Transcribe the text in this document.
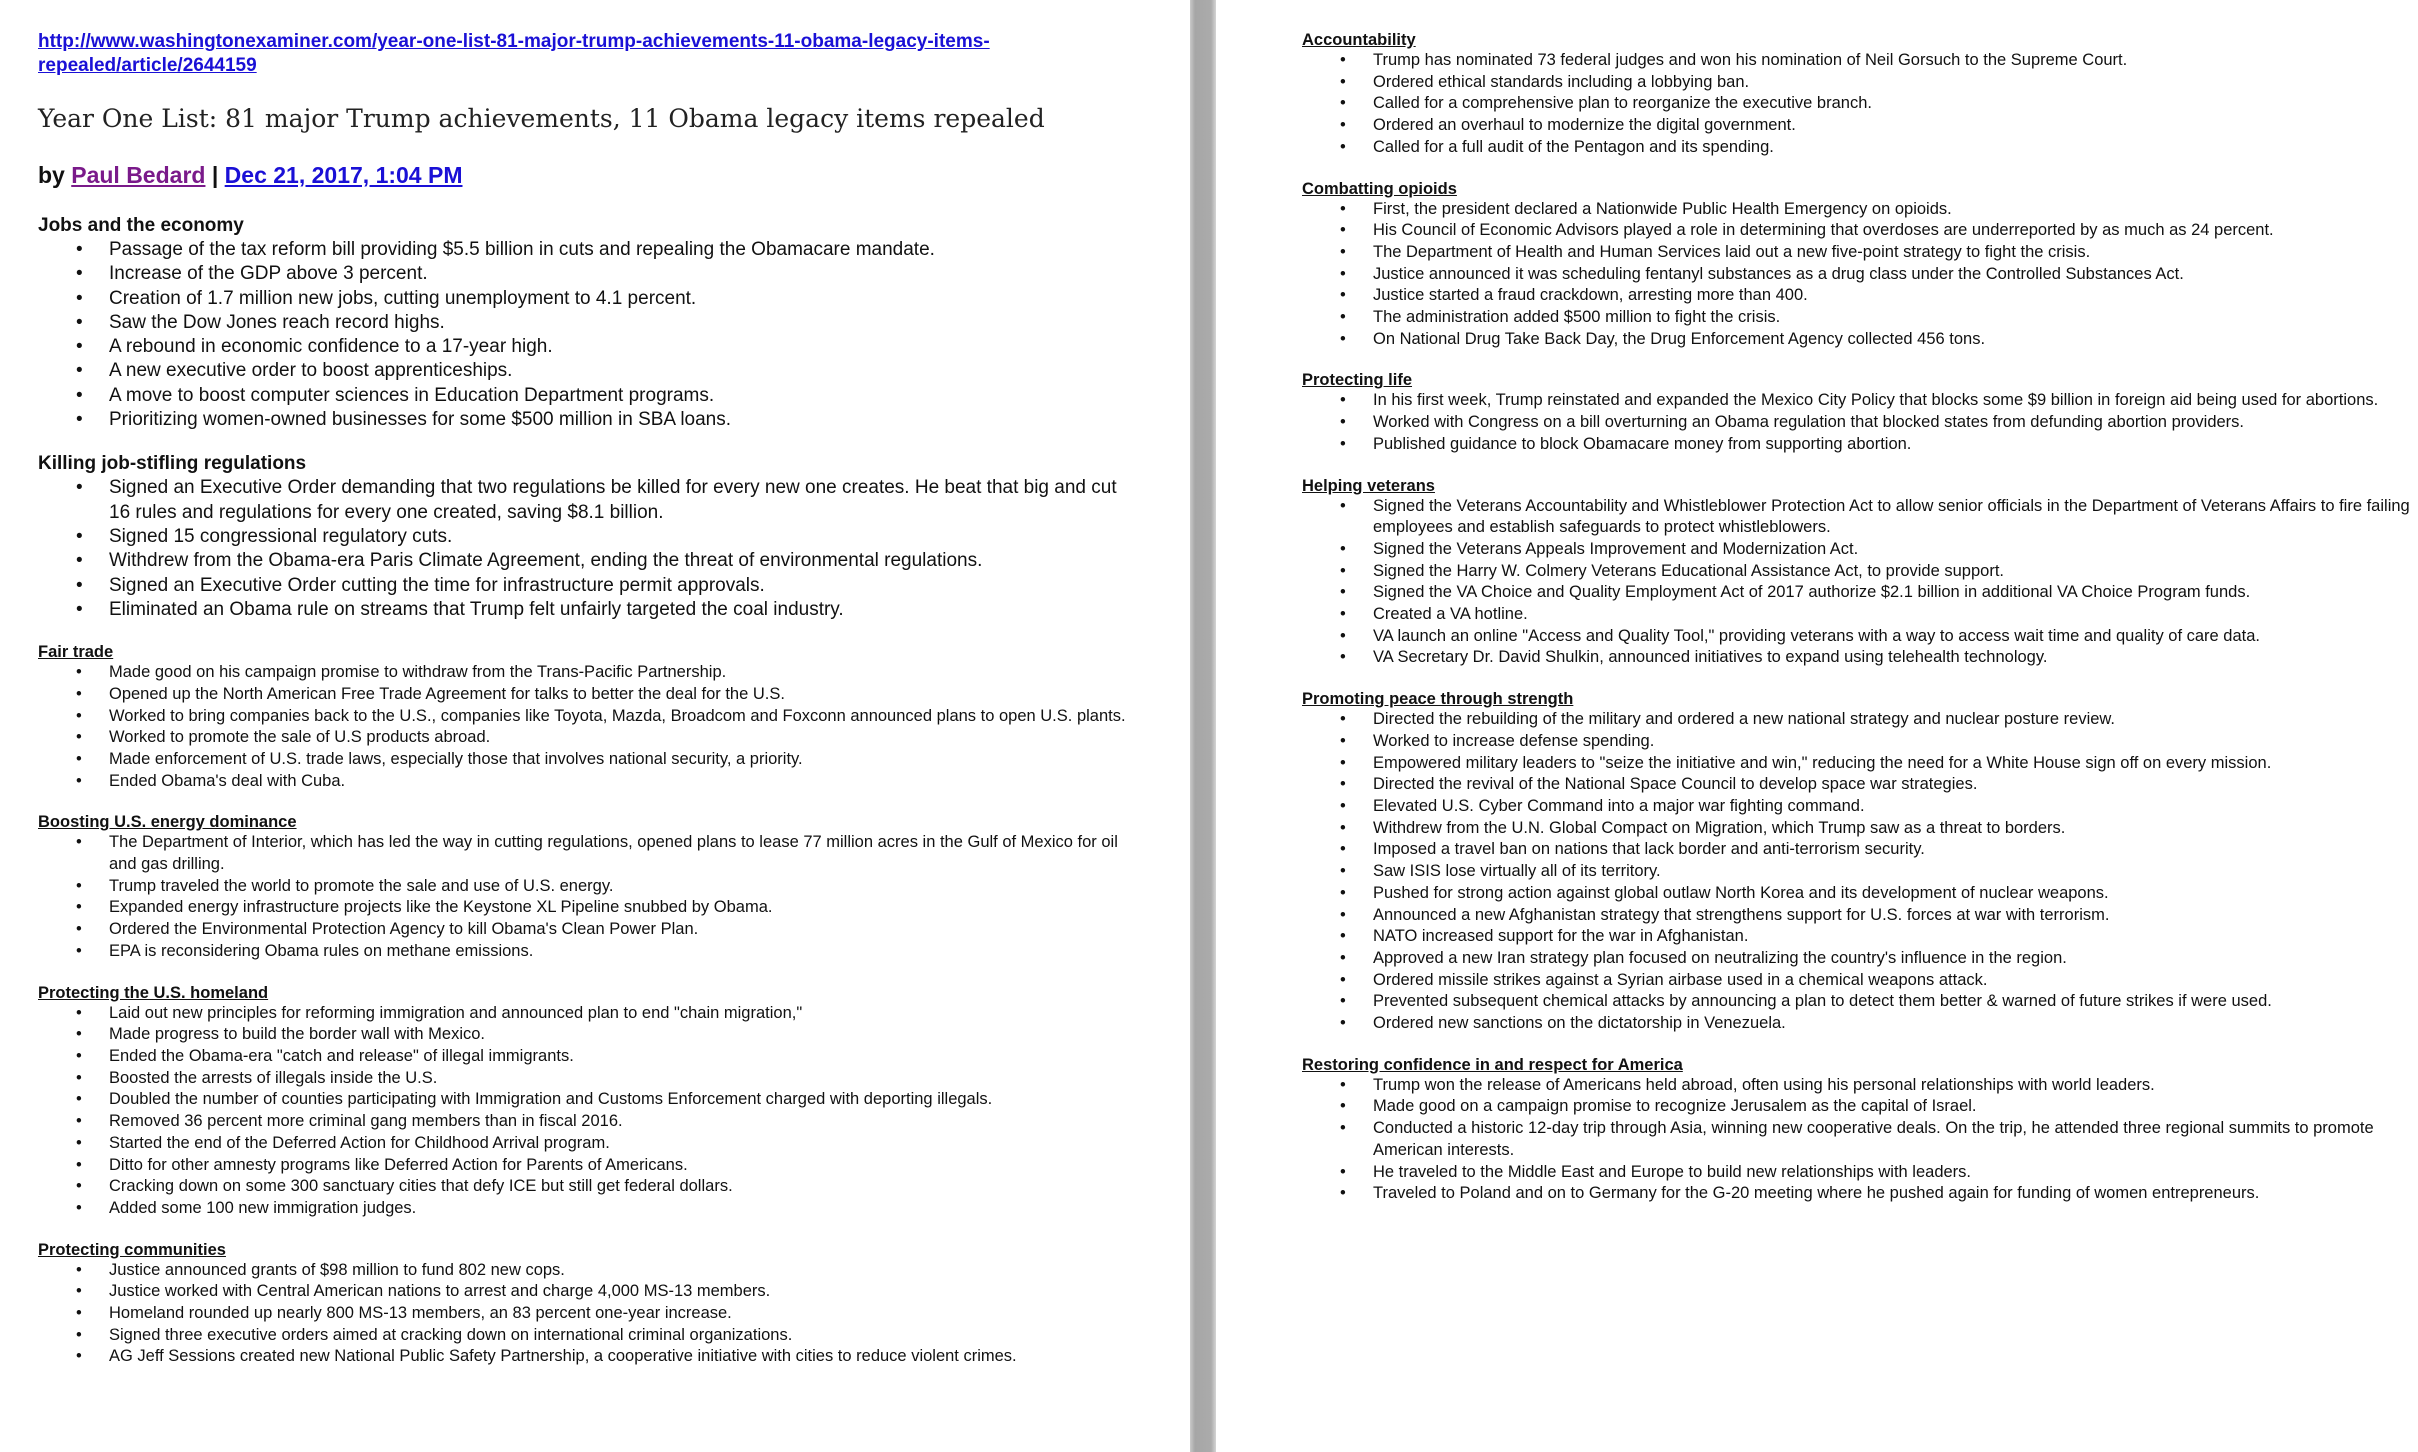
http://www.washingtonexaminer.com/year-one-list-81-major-trump-achievements-11-obama-legacy-items-
repealed/article/2644159
Year One List: 81 major Trump achievements, 11 Obama legacy items repealed
by Paul Bedard | Dec 21, 2017, 1:04 PM
Jobs and the economy
• Passage of the tax reform bill providing $5.5 billion in cuts and repealing the Obamacare mandate.
• Increase of the GDP above 3 percent.
• Creation of 1.7 million new jobs, cutting unemployment to 4.1 percent.
• Saw the Dow Jones reach record highs.
• A rebound in economic confidence to a 17-year high.
• A new executive order to boost apprenticeships.
• A move to boost computer sciences in Education Department programs.
• Prioritizing women-owned businesses for some $500 million in SBA loans.
Killing job-stifling regulations
• Signed an Executive Order demanding that two regulations be killed for every new one creates. He beat that big and cut 16 rules and regulations for every one created, saving $8.1 billion.
• Signed 15 congressional regulatory cuts.
• Withdrew from the Obama-era Paris Climate Agreement, ending the threat of environmental regulations.
• Signed an Executive Order cutting the time for infrastructure permit approvals.
• Eliminated an Obama rule on streams that Trump felt unfairly targeted the coal industry.
Fair trade
• Made good on his campaign promise to withdraw from the Trans-Pacific Partnership.
• Opened up the North American Free Trade Agreement for talks to better the deal for the U.S.
• Worked to bring companies back to the U.S., companies like Toyota, Mazda, Broadcom and Foxconn announced plans to open U.S. plants.
• Worked to promote the sale of U.S products abroad.
• Made enforcement of U.S. trade laws, especially those that involves national security, a priority.
• Ended Obama's deal with Cuba.
Boosting U.S. energy dominance
• The Department of Interior, which has led the way in cutting regulations, opened plans to lease 77 million acres in the Gulf of Mexico for oil and gas drilling.
• Trump traveled the world to promote the sale and use of U.S. energy.
• Expanded energy infrastructure projects like the Keystone XL Pipeline snubbed by Obama.
• Ordered the Environmental Protection Agency to kill Obama's Clean Power Plan.
• EPA is reconsidering Obama rules on methane emissions.
Protecting the U.S. homeland
• Laid out new principles for reforming immigration and announced plan to end "chain migration,"
• Made progress to build the border wall with Mexico.
• Ended the Obama-era "catch and release" of illegal immigrants.
• Boosted the arrests of illegals inside the U.S.
• Doubled the number of counties participating with Immigration and Customs Enforcement charged with deporting illegals.
• Removed 36 percent more criminal gang members than in fiscal 2016.
• Started the end of the Deferred Action for Childhood Arrival program.
• Ditto for other amnesty programs like Deferred Action for Parents of Americans.
• Cracking down on some 300 sanctuary cities that defy ICE but still get federal dollars.
• Added some 100 new immigration judges.
Protecting communities
• Justice announced grants of $98 million to fund 802 new cops.
• Justice worked with Central American nations to arrest and charge 4,000 MS-13 members.
• Homeland rounded up nearly 800 MS-13 members, an 83 percent one-year increase.
• Signed three executive orders aimed at cracking down on international criminal organizations.
• AG Jeff Sessions created new National Public Safety Partnership, a cooperative initiative with cities to reduce violent crimes.
Accountability
• Trump has nominated 73 federal judges and won his nomination of Neil Gorsuch to the Supreme Court.
• Ordered ethical standards including a lobbying ban.
• Called for a comprehensive plan to reorganize the executive branch.
• Ordered an overhaul to modernize the digital government.
• Called for a full audit of the Pentagon and its spending.
Combatting opioids
• First, the president declared a Nationwide Public Health Emergency on opioids.
• His Council of Economic Advisors played a role in determining that overdoses are underreported by as much as 24 percent.
• The Department of Health and Human Services laid out a new five-point strategy to fight the crisis.
• Justice announced it was scheduling fentanyl substances as a drug class under the Controlled Substances Act.
• Justice started a fraud crackdown, arresting more than 400.
• The administration added $500 million to fight the crisis.
• On National Drug Take Back Day, the Drug Enforcement Agency collected 456 tons.
Protecting life
• In his first week, Trump reinstated and expanded the Mexico City Policy that blocks some $9 billion in foreign aid being used for abortions.
• Worked with Congress on a bill overturning an Obama regulation that blocked states from defunding abortion providers.
• Published guidance to block Obamacare money from supporting abortion.
Helping veterans
• Signed the Veterans Accountability and Whistleblower Protection Act to allow senior officials in the Department of Veterans Affairs to fire failing employees and establish safeguards to protect whistleblowers.
• Signed the Veterans Appeals Improvement and Modernization Act.
• Signed the Harry W. Colmery Veterans Educational Assistance Act, to provide support.
• Signed the VA Choice and Quality Employment Act of 2017 authorize $2.1 billion in additional VA Choice Program funds.
• Created a VA hotline.
• VA launch an online "Access and Quality Tool," providing veterans with a way to access wait time and quality of care data.
• VA Secretary Dr. David Shulkin, announced initiatives to expand using telehealth technology.
Promoting peace through strength
• Directed the rebuilding of the military and ordered a new national strategy and nuclear posture review.
• Worked to increase defense spending.
• Empowered military leaders to "seize the initiative and win," reducing the need for a White House sign off on every mission.
• Directed the revival of the National Space Council to develop space war strategies.
• Elevated U.S. Cyber Command into a major war fighting command.
• Withdrew from the U.N. Global Compact on Migration, which Trump saw as a threat to borders.
• Imposed a travel ban on nations that lack border and anti-terrorism security.
• Saw ISIS lose virtually all of its territory.
• Pushed for strong action against global outlaw North Korea and its development of nuclear weapons.
• Announced a new Afghanistan strategy that strengthens support for U.S. forces at war with terrorism.
• NATO increased support for the war in Afghanistan.
• Approved a new Iran strategy plan focused on neutralizing the country's influence in the region.
• Ordered missile strikes against a Syrian airbase used in a chemical weapons attack.
• Prevented subsequent chemical attacks by announcing a plan to detect them better & warned of future strikes if were used.
• Ordered new sanctions on the dictatorship in Venezuela.
Restoring confidence in and respect for America
• Trump won the release of Americans held abroad, often using his personal relationships with world leaders.
• Made good on a campaign promise to recognize Jerusalem as the capital of Israel.
• Conducted a historic 12-day trip through Asia, winning new cooperative deals. On the trip, he attended three regional summits to promote American interests.
• He traveled to the Middle East and Europe to build new relationships with leaders.
• Traveled to Poland and on to Germany for the G-20 meeting where he pushed again for funding of women entrepreneurs.
